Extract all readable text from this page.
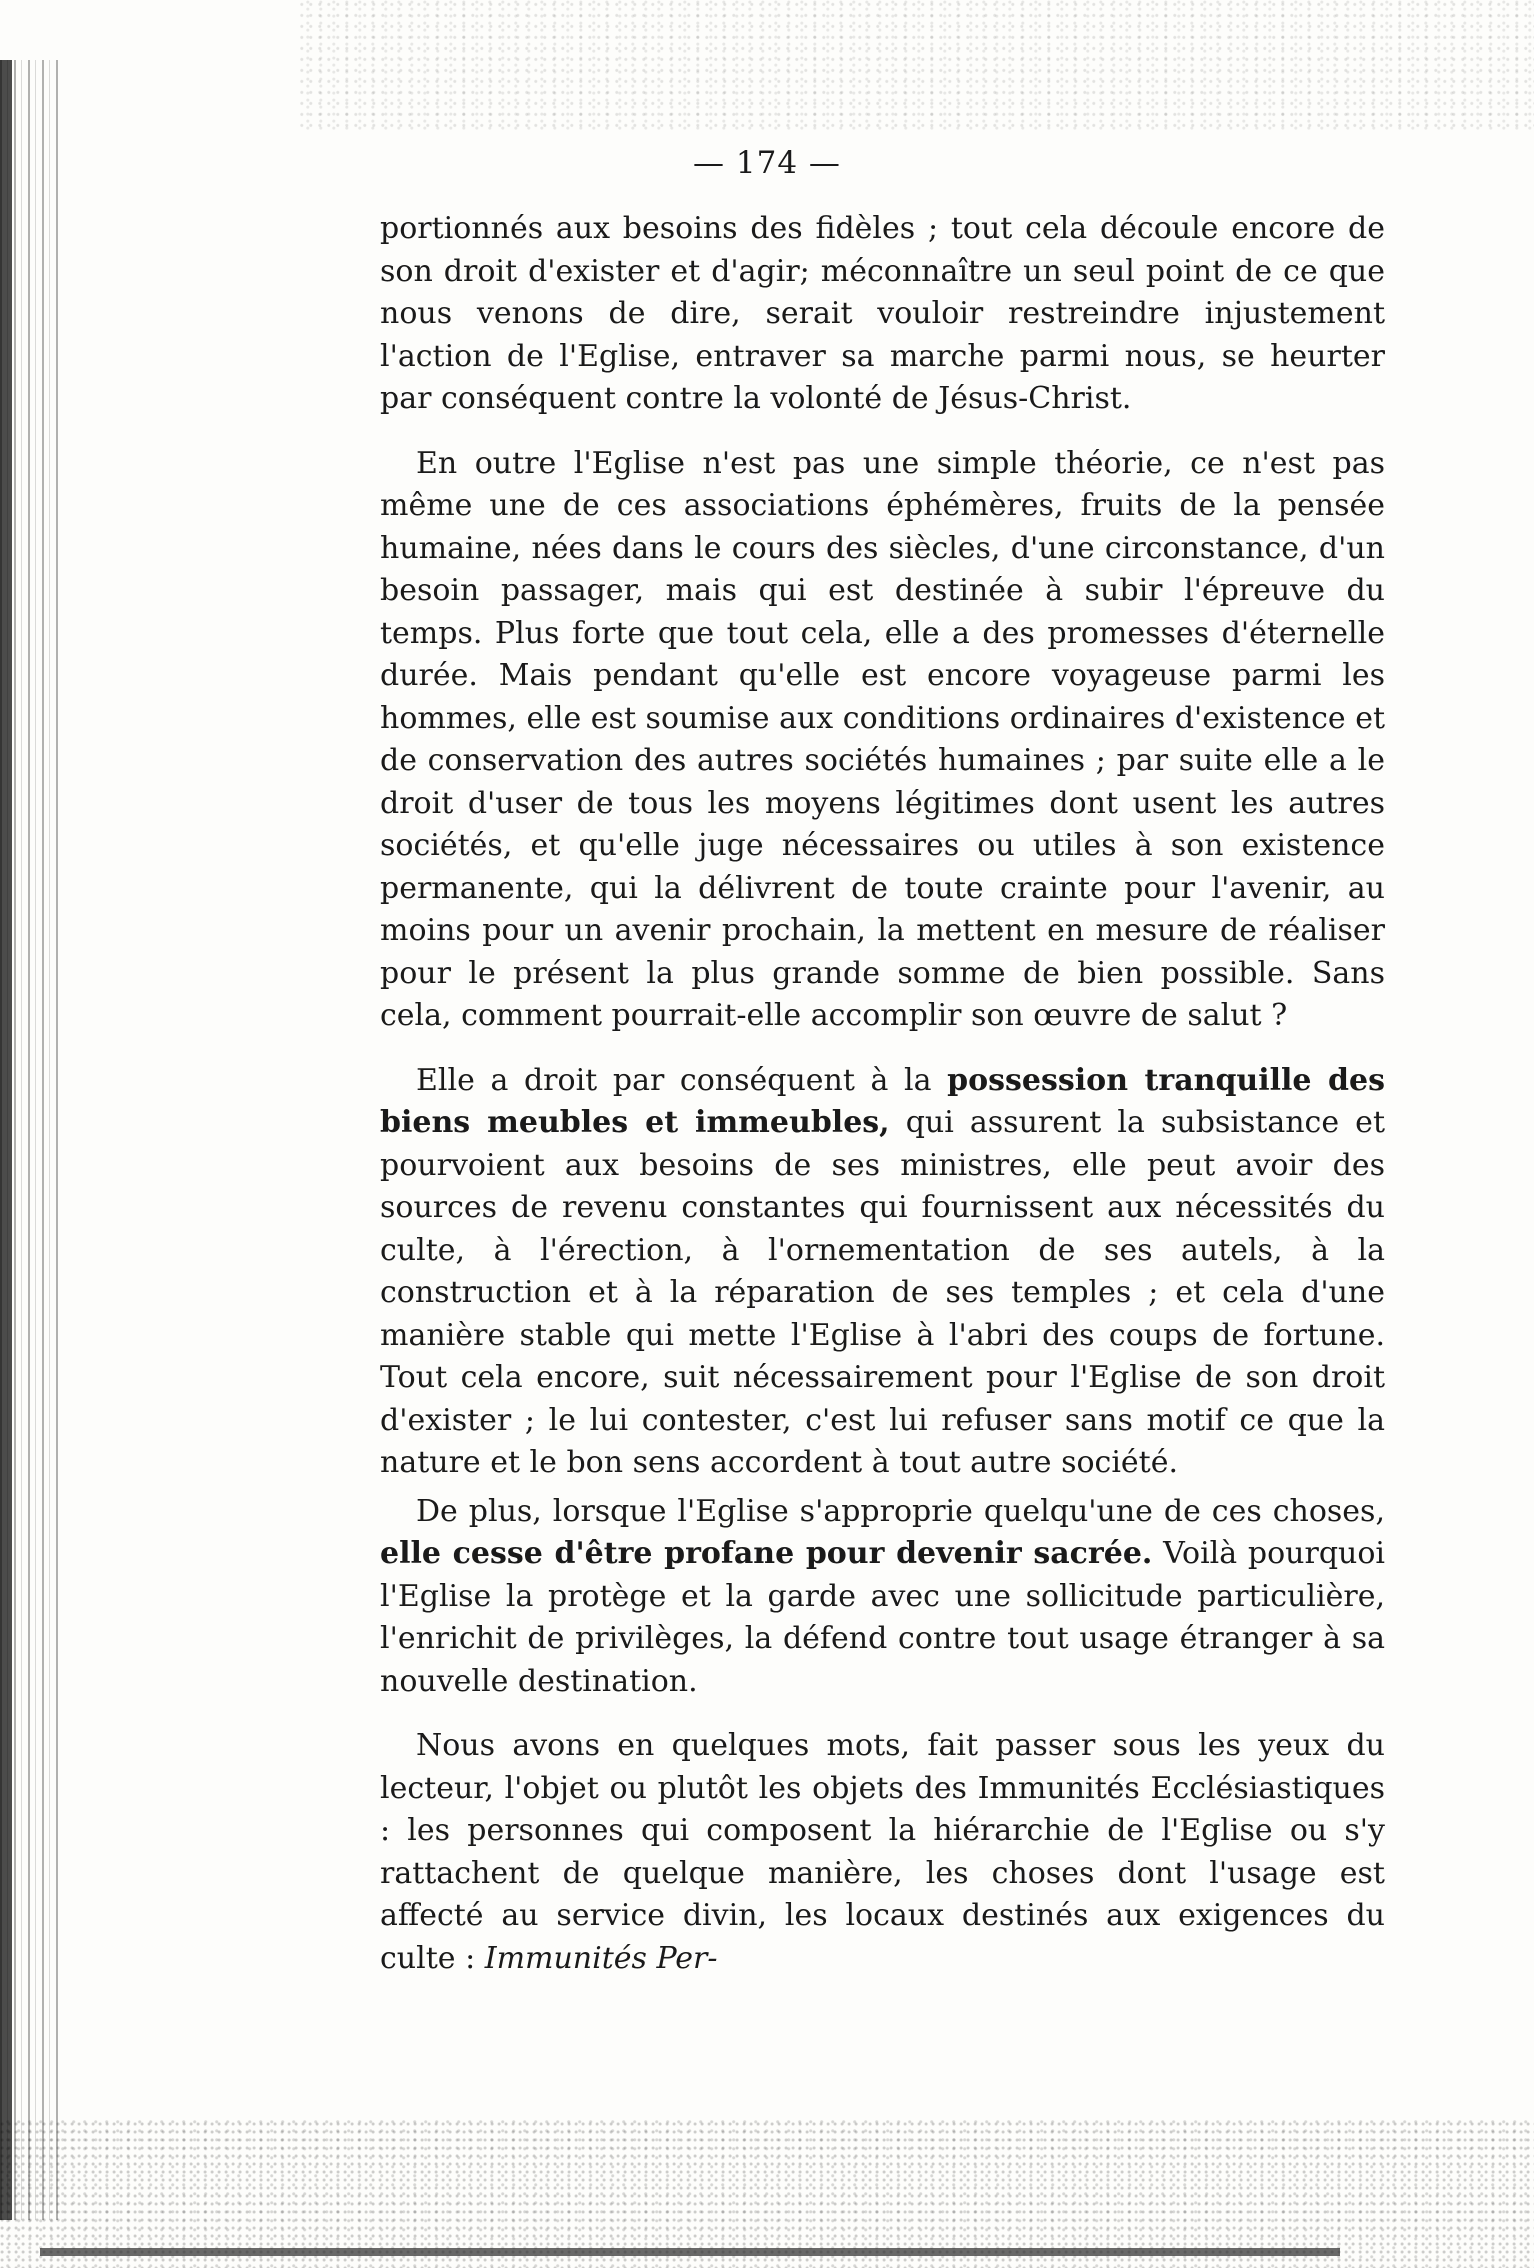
— 174 —

portionnés aux besoins des fidèles ; tout cela découle encore de son droit d'exister et d'agir; méconnaître un seul point de ce que nous venons de dire, serait vouloir restreindre injustement l'action de l'Eglise, entraver sa marche parmi nous, se heurter par conséquent contre la volonté de Jésus-Christ.

En outre l'Eglise n'est pas une simple théorie, ce n'est pas même une de ces associations éphémères, fruits de la pensée humaine, nées dans le cours des siècles, d'une circonstance, d'un besoin passager, mais qui est destinée à subir l'épreuve du temps. Plus forte que tout cela, elle a des promesses d'éternelle durée. Mais pendant qu'elle est encore voyageuse parmi les hommes, elle est soumise aux conditions ordinaires d'existence et de conservation des autres sociétés humaines ; par suite elle a le droit d'user de tous les moyens légitimes dont usent les autres sociétés, et qu'elle juge nécessaires ou utiles à son existence permanente, qui la délivrent de toute crainte pour l'avenir, au moins pour un avenir prochain, la mettent en mesure de réaliser pour le présent la plus grande somme de bien possible. Sans cela, comment pourrait-elle accomplir son œuvre de salut ?

Elle a droit par conséquent à la possession tranquille des biens meubles et immeubles, qui assurent la subsistance et pourvoient aux besoins de ses ministres, elle peut avoir des sources de revenu constantes qui fournissent aux nécessités du culte, à l'érection, à l'ornementation de ses autels, à la construction et à la réparation de ses temples ; et cela d'une manière stable qui mette l'Eglise à l'abri des coups de fortune. Tout cela encore, suit nécessairement pour l'Eglise de son droit d'exister ; le lui contester, c'est lui refuser sans motif ce que la nature et le bon sens accordent à tout autre société.

De plus, lorsque l'Eglise s'approprie quelqu'une de ces choses, elle cesse d'être profane pour devenir sacrée. Voilà pourquoi l'Eglise la protège et la garde avec une sollicitude particulière, l'enrichit de privilèges, la défend contre tout usage étranger à sa nouvelle destination.

Nous avons en quelques mots, fait passer sous les yeux du lecteur, l'objet ou plutôt les objets des Immunités Ecclésiastiques : les personnes qui composent la hiérarchie de l'Eglise ou s'y rattachent de quelque manière, les choses dont l'usage est affecté au service divin, les locaux destinés aux exigences du culte : Immunités Per-
